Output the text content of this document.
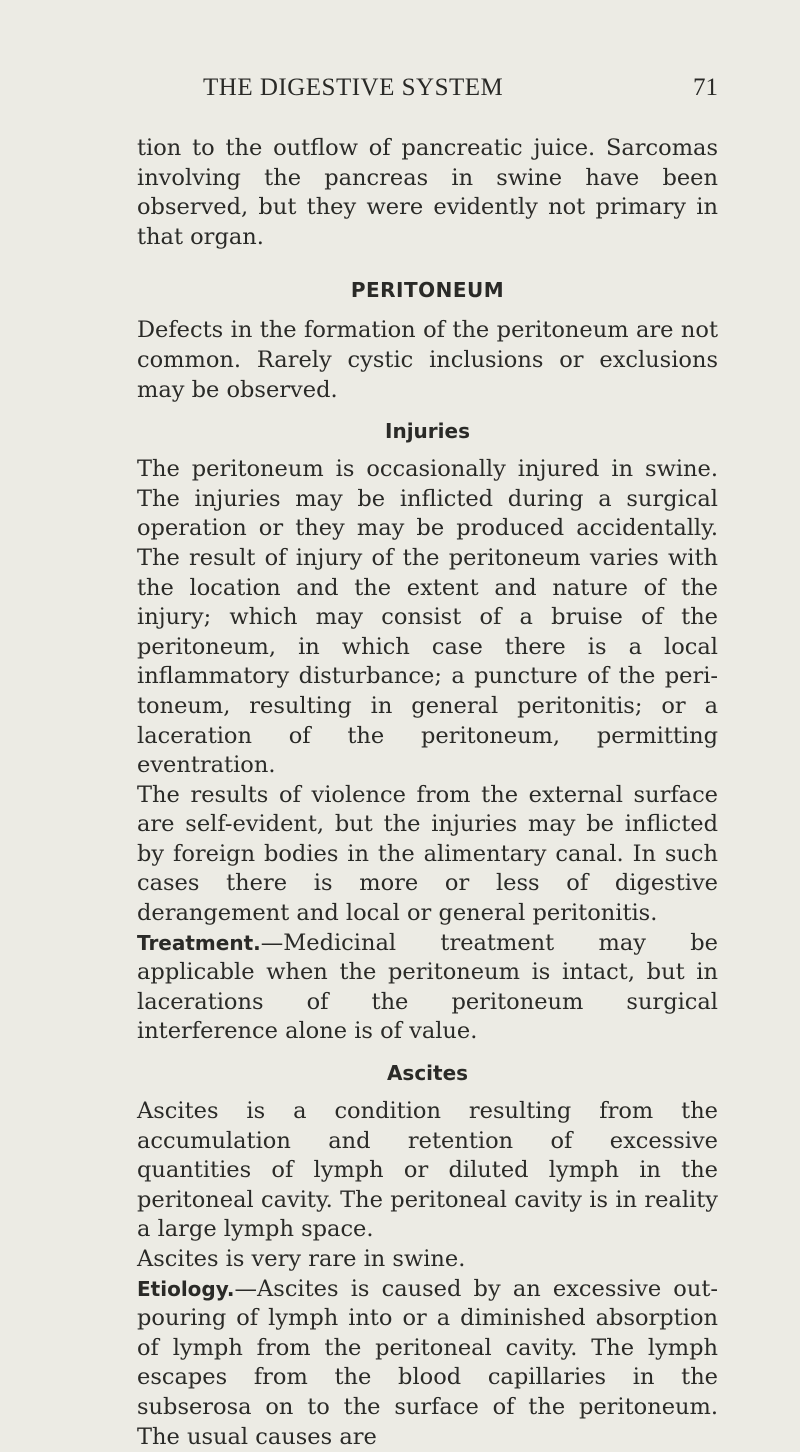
THE DIGESTIVE SYSTEM	71

tion to the outflow of pancreatic juice. Sarcomas involving the pancreas in swine have been observed, but they were evidently not primary in that organ.

PERITONEUM

Defects in the formation of the peritoneum are not common. Rarely cystic inclusions or exclusions may be observed.

Injuries

The peritoneum is occasionally injured in swine. The injuries may be inflicted during a surgical operation or they may be produced accidentally. The result of injury of the peritoneum varies with the location and the extent and nature of the injury; which may consist of a bruise of the peritoneum, in which case there is a local inflammatory disturbance; a puncture of the peri-toneum, resulting in general peritonitis; or a laceration of the peritoneum, permitting eventration.

The results of violence from the external surface are self-evident, but the injuries may be inflicted by foreign bodies in the alimentary canal. In such cases there is more or less of digestive derangement and local or general peritonitis.

Treatment.—Medicinal treatment may be applicable when the peritoneum is intact, but in lacerations of the peritoneum surgical interference alone is of value.

Ascites

Ascites is a condition resulting from the accumulation and retention of excessive quantities of lymph or diluted lymph in the peritoneal cavity. The peritoneal cavity is in reality a large lymph space.

Ascites is very rare in swine.

Etiology.—Ascites is caused by an excessive out-pouring of lymph into or a diminished absorption of lymph from the peritoneal cavity. The lymph escapes from the blood capillaries in the subserosa on to the surface of the peritoneum. The usual causes are
